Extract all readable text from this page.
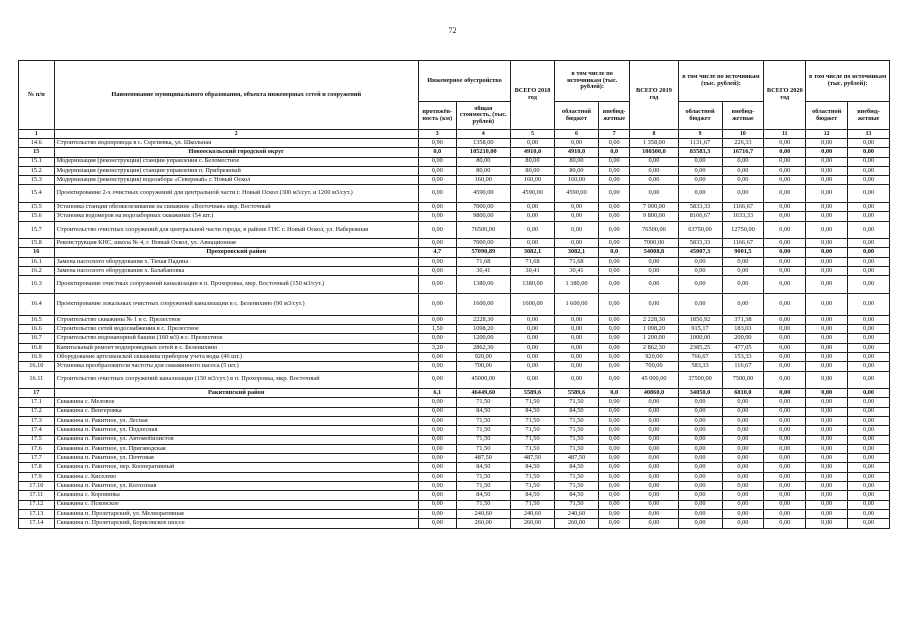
72
№ п/п	Наименование муниципального образования, объекта инженерных сетей и сооружений	Инженерное обустройство		ВСЕГО 2018 год	в том числе по источникам (тыс. рублей):		ВСЕГО 2019 год	в том числе по источникам (тыс. рублей):		ВСЕГО 2020 год	в том числе по источникам (тыс. рублей):	
		протяжён-ность (км)	общая стоимость, (тыс. рублей)		областной бюджет	внебюд-жетные		областной бюджет	внебюд-жетные		областной бюджет	внебюд-жетные
1	2	3	4	5	6	7	8	9	10	11	12	13
14.6	Строительство водопровода в с. Сергиевка, ул. Школьная	0,90	1358,00	0,00	0,00	0,00	1 358,00	1131,67	226,33	0,00	0,00	0,00
15	Новооскольский городской округ	0,0	105210,00	4910,0	4910,0	0,0	100300,0	83583,3	16716,7	0,00	0,00	0,00
15.1	Модернизация (реконструкция) станции управления с. Беломестное	0,00	80,00	80,00	80,00	0,00	0,00	0,00	0,00	0,00	0,00	0,00
15.2	Модернизация (реконструкция) станции управления п. Прибрежный	0,00	80,00	80,00	80,00	0,00	0,00	0,00	0,00	0,00	0,00	0,00
15.3	Модернизация (реконструкция) водозабора «Северный» г. Новый Оскол	0,00	160,00	160,00	160,00	0,00	0,00	0,00	0,00	0,00	0,00	0,00
15.4	Проектирование 2-х очистных сооружений для центральной части г. Новый Оскол (300 м3/сут. и 1200 м3/сут.)	0,00	4590,00	4590,00	4590,00	0,00	0,00	0,00	0,00	0,00	0,00	0,00
15.5	Установка станции обезжелезивания на скважине «Восточная» мкр. Восточный	0,00	7000,00	0,00	0,00	0,00	7 000,00	5833,33	1166,67	0,00	0,00	0,00
15.6	Установка водомеров на водозаборных скважинах (54 шт.)	0,00	9800,00	0,00	0,00	0,00	9 800,00	8166,67	1633,33	0,00	0,00	0,00
15.7	Строительство очистных сооружений для центральной части города, в районе ГНС г. Новый Оскол, ул. Набережная	0,00	76500,00	0,00	0,00	0,00	76500,00	63750,00	12750,00	0,00	0,00	0,00
15.8	Реконструкция КНС, школа № 4, г. Новый Оскол, ул. Авиационная	0,00	7000,00	0,00	0,00	0,00	7000,00	5833,33	1166,67	0,00	0,00	0,00
16	Прохоровский район	4,7	57090,89	3082,1	3082,1	0,0	54008,8	45007,3	9001,5	0,00	0,00	0,00
16.1	Замена насосного оборудования х. Тихая Падина	0,00	71,68	71,68	71,68	0,00	0,00	0,00	0,00	0,00	0,00	0,00
16.2	Замена насосного оборудования х. Балабановка	0,00	30,41	30,41	30,41	0,00	0,00	0,00	0,00	0,00	0,00	0,00
16.3	Проектирование очистных сооружений канализации в п. Прохоровка, мкр. Восточный (150 м3/сут.)	0,00	1380,00	1380,00	1 380,00	0,00	0,00	0,00	0,00	0,00	0,00	0,00
16.4	Проектирование локальных очистных сооружений канализации в с. Беленихино (90 м3/сут.)	0,00	1600,00	1600,00	1 600,00	0,00	0,00	0,00	0,00	0,00	0,00	0,00
16.5	Строительство скважины № 1 в с. Прелестное	0,00	2228,30	0,00	0,00	0,00	2 228,30	1856,92	371,38	0,00	0,00	0,00
16.6	Строительство сетей водоснабжения в с. Прелестное	1,50	1098,20	0,00	0,00	0,00	1 098,20	915,17	183,03	0,00	0,00	0,00
16.7	Строительство водонапорной башни (160 м3) в с. Прелестное	0,00	1200,00	0,00	0,00	0,00	1 200,00	1000,00	200,00	0,00	0,00	0,00
16.8	Капитальный ремонт водопроводных сетей в с. Беленихино	3,20	2862,30	0,00	0,00	0,00	2 862,30	2385,25	477,05	0,00	0,00	0,00
16.9	Оборудование артезианской скважины прибором учета воды (46 шт.)	0,00	920,00	0,00	0,00	0,00	920,00	766,67	153,33	0,00	0,00	0,00
16.10	Установка преобразователя частоты для скважинного насоса (5 шт.)	0,00	700,00	0,00	0,00	0,00	700,00	583,33	116,67	0,00	0,00	0,00
16.11	Строительство очистных сооружений канализации (150 м3/сут.) в п. Прохоровка, мкр. Восточный	0,00	45000,00	0,00	0,00	0,00	45 000,00	37500,00	7500,00	0,00	0,00	0,00
17	Ракитянский район	6,1	46449,60	5589,6	5589,6	0,0	40860,0	34050,0	6810,0	0,00	0,00	0,00
17.1	Скважина с. Меловое	0,00	71,50	71,50	71,50	0,00	0,00	0,00	0,00	0,00	0,00	0,00
17.2	Скважина с. Венгеровка	0,00	84,50	84,50	84,50	0,00	0,00	0,00	0,00	0,00	0,00	0,00
17.3	Скважина п. Ракитное, ул. Лесная	0,00	71,50	71,50	71,50	0,00	0,00	0,00	0,00	0,00	0,00	0,00
17.4	Скважина п. Ракитное, ул. Подлесная	0,00	71,50	71,50	71,50	0,00	0,00	0,00	0,00	0,00	0,00	0,00
17.5	Скважина п. Ракитное, ул. Автомобилистов	0,00	71,50	71,50	71,50	0,00	0,00	0,00	0,00	0,00	0,00	0,00
17.6	Скважина п. Ракитное, ул. Пригаводская	0,00	71,50	71,50	71,50	0,00	0,00	0,00	0,00	0,00	0,00	0,00
17.7	Скважина п. Ракитное, ул. Почтовая	0,00	487,50	487,50	487,50	0,00	0,00	0,00	0,00	0,00	0,00	0,00
17.8	Скважина п. Ракитное, пер. Кооперативный	0,00	84,50	84,50	84,50	0,00	0,00	0,00	0,00	0,00	0,00	0,00
17.9	Скважина с. Киселево	0,00	71,50	71,50	71,50	0,00	0,00	0,00	0,00	0,00	0,00	0,00
17.10	Скважина п. Ракитное, ул. Колхозная	0,00	71,50	71,50	71,50	0,00	0,00	0,00	0,00	0,00	0,00	0,00
17.11	Скважина с. Коровинка	0,00	84,50	84,50	84,50	0,00	0,00	0,00	0,00	0,00	0,00	0,00
17.12	Скважина с. Псковское	0,00	71,50	71,50	71,50	0,00	0,00	0,00	0,00	0,00	0,00	0,00
17.13	Скважина п. Пролетарский, ул. Мелиоративная	0,00	240,60	240,60	240,60	0,00	0,00	0,00	0,00	0,00	0,00	0,00
17.14	Скважина п. Пролетарский, Борисовское шоссе	0,00	260,00	260,00	260,00	0,00	0,00	0,00	0,00	0,00	0,00	0,00
